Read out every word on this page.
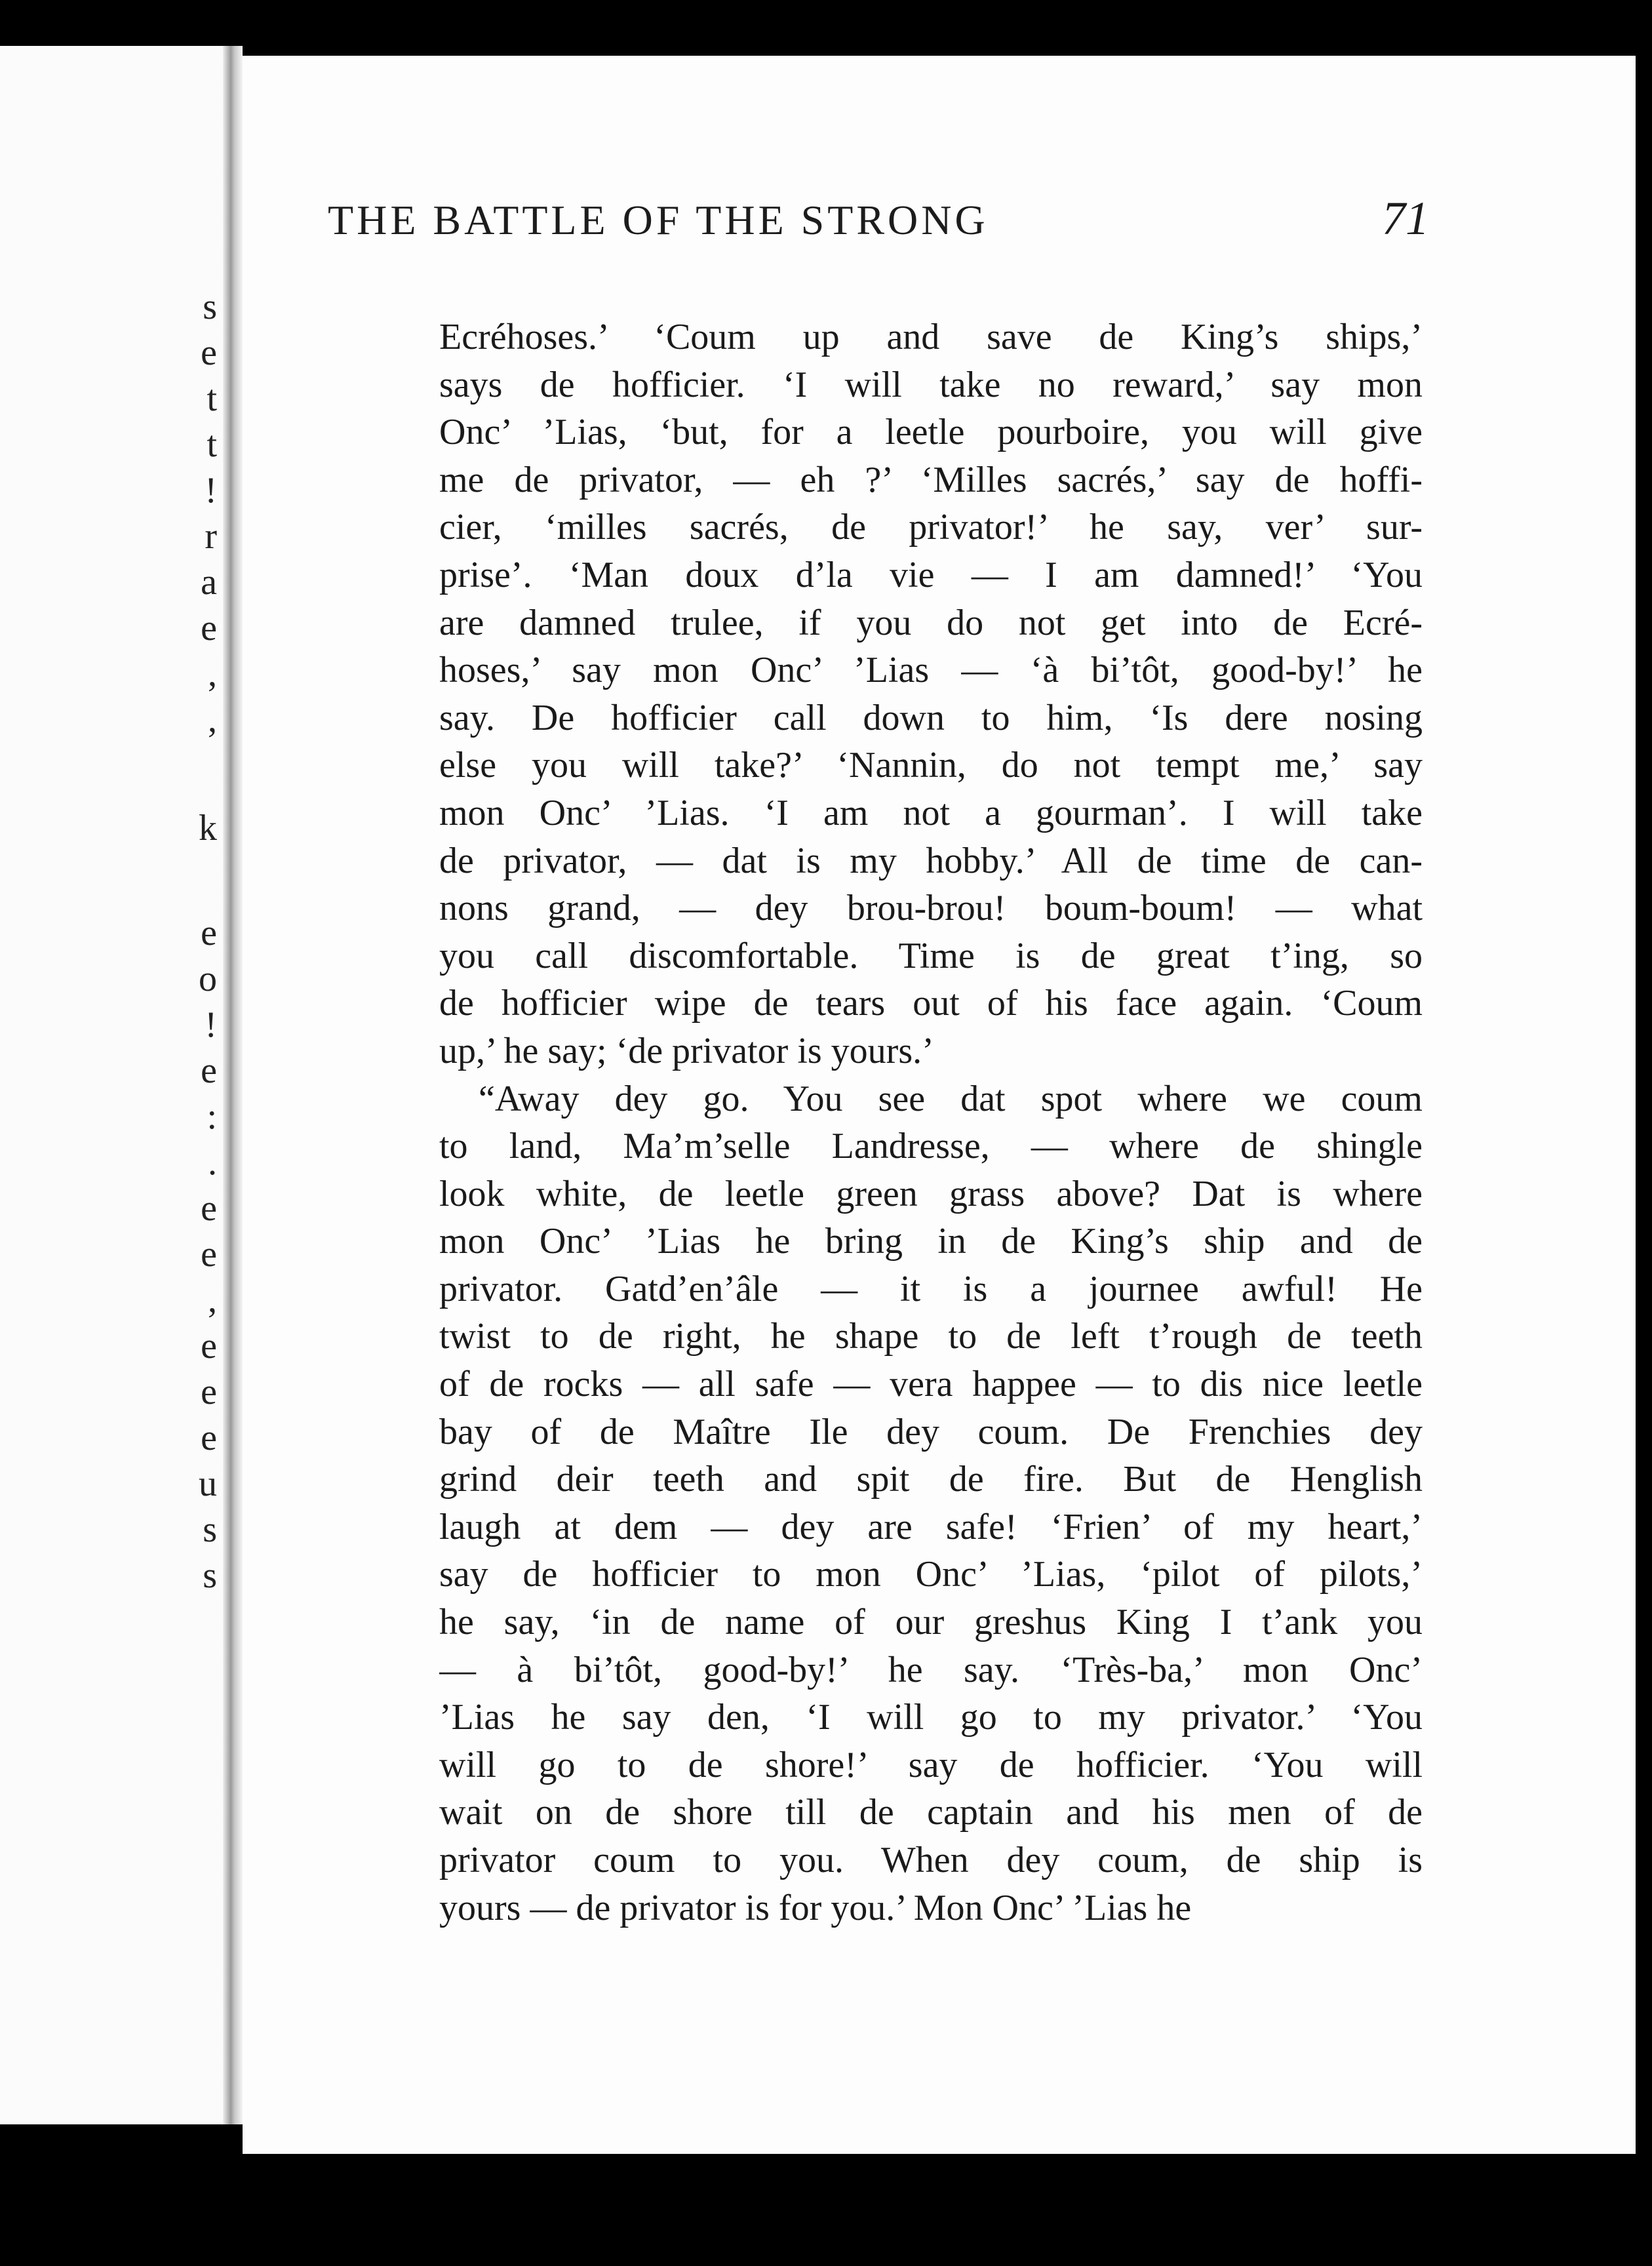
s
e
t
t
!
r
a
e
,
,
k
e
o
!
e
:
.
e
e
,
e
e
e
u
s
s
THE BATTLE OF THE STRONG	71
Ecréhoses.’ ‘Coum up and save de King’s ships,’
says de hofficier. ‘I will take no reward,’ say mon
Onc’ ’Lias, ‘but, for a leetle pourboire, you will give
me de privator, — eh ?’ ‘Milles sacrés,’ say de hoffi-
cier, ‘milles sacrés, de privator!’ he say, ver’ sur-
prise’. ‘Man doux d’la vie — I am damned!’ ‘You
are damned trulee, if you do not get into de Ecré-
hoses,’ say mon Onc’ ’Lias — ‘à bi’tôt, good-by!’ he
say. De hofficier call down to him, ‘Is dere nosing
else you will take?’ ‘Nannin, do not tempt me,’ say
mon Onc’ ’Lias. ‘I am not a gourman’. I will take
de privator, — dat is my hobby.’ All de time de can-
nons grand, — dey brou-brou! boum-boum! — what
you call discomfortable. Time is de great t’ing, so
de hofficier wipe de tears out of his face again. ‘Coum
up,’ he say; ‘de privator is yours.’
“Away dey go. You see dat spot where we coum
to land, Ma’m’selle Landresse, — where de shingle
look white, de leetle green grass above? Dat is where
mon Onc’ ’Lias he bring in de King’s ship and de
privator. Gatd’en’âle — it is a journee awful! He
twist to de right, he shape to de left t’rough de teeth
of de rocks — all safe — vera happee — to dis nice leetle
bay of de Maître Ile dey coum. De Frenchies dey
grind deir teeth and spit de fire. But de Henglish
laugh at dem — dey are safe! ‘Frien’ of my heart,’
say de hofficier to mon Onc’ ’Lias, ‘pilot of pilots,’
he say, ‘in de name of our greshus King I t’ank you
— à bi’tôt, good-by!’ he say. ‘Très-ba,’ mon Onc’
’Lias he say den, ‘I will go to my privator.’ ‘You
will go to de shore!’ say de hofficier. ‘You will
wait on de shore till de captain and his men of de
privator coum to you. When dey coum, de ship is
yours — de privator is for you.’ Mon Onc’ ’Lias he
